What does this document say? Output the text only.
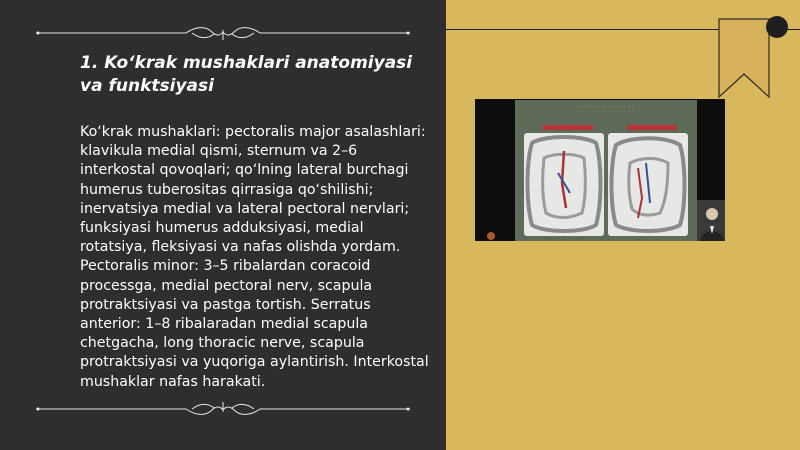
1. Ko‘krak mushaklari anatomiyasi va funktsiyasi

Ko‘krak mushaklari: pectoralis major asalashlari: klavikula medial qismi, sternum va 2–6 interkostal qovoqlari; qo‘lning lateral burchagi humerus tuberositas qirrasiga qo‘shilishi; inervatsiya medial va lateral pectoral nervlari; funksiyasi humerus adduksiyasi, medial rotatsiya, fleksiyasi va nafas olishda yordam. Pectoralis minor: 3–5 ribalardan coracoid processga, medial pectoral nerv, scapula protraktsiyasi va pastga tortish. Serratus anterior: 1–8 ribalaradan medial scapula chetgacha, long thoracic nerve, scapula protraktsiyasi va yuqoriga aylantirish. Interkostal mushaklar nafas harakati.

· · · · · · · · · · · · · · ·
